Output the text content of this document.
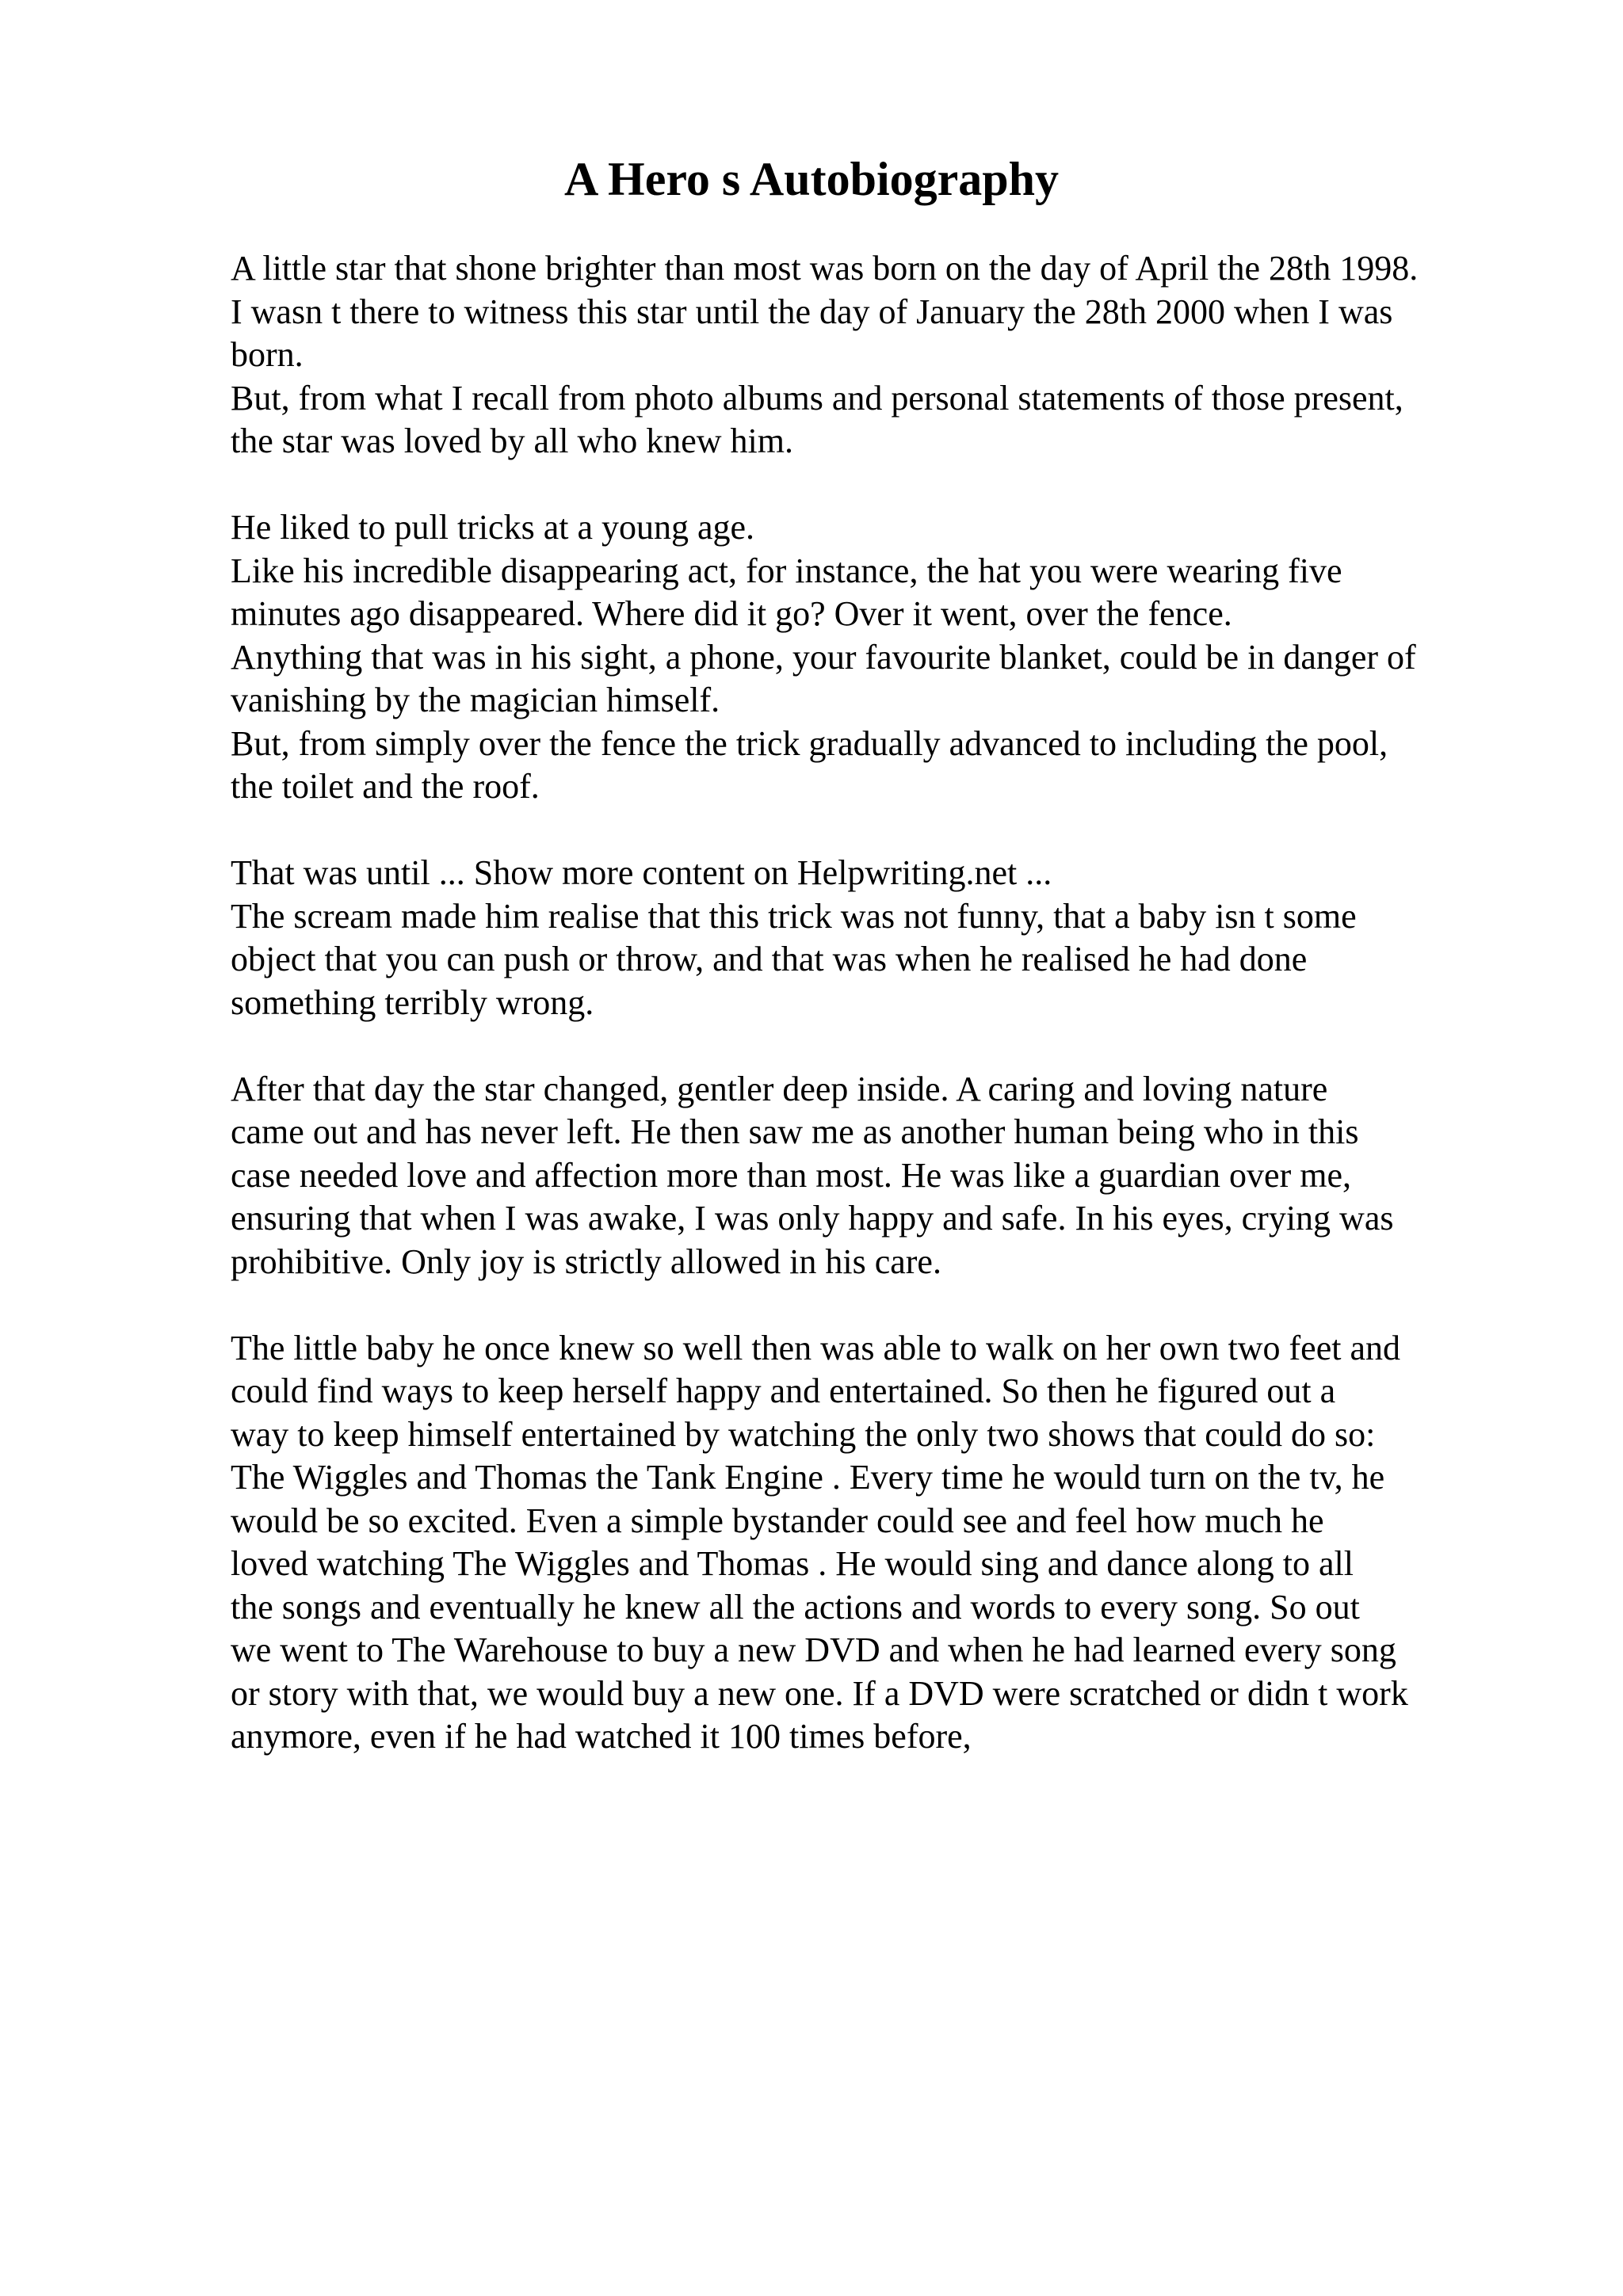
A Hero s Autobiography
A little star that shone brighter than most was born on the day of April the 28th 1998.
I wasn t there to witness this star until the day of January the 28th 2000 when I was
born.
But, from what I recall from photo albums and personal statements of those present,
the star was loved by all who knew him.
He liked to pull tricks at a young age.
Like his incredible disappearing act, for instance, the hat you were wearing five
minutes ago disappeared. Where did it go? Over it went, over the fence.
Anything that was in his sight, a phone, your favourite blanket, could be in danger of
vanishing by the magician himself.
But, from simply over the fence the trick gradually advanced to including the pool,
the toilet and the roof.
That was until ... Show more content on Helpwriting.net ...
The scream made him realise that this trick was not funny, that a baby isn t some
object that you can push or throw, and that was when he realised he had done
something terribly wrong.
After that day the star changed, gentler deep inside. A caring and loving nature
came out and has never left. He then saw me as another human being who in this
case needed love and affection more than most. He was like a guardian over me,
ensuring that when I was awake, I was only happy and safe. In his eyes, crying was
prohibitive. Only joy is strictly allowed in his care.
The little baby he once knew so well then was able to walk on her own two feet and
could find ways to keep herself happy and entertained. So then he figured out a
way to keep himself entertained by watching the only two shows that could do so:
The Wiggles and Thomas the Tank Engine . Every time he would turn on the tv, he
would be so excited. Even a simple bystander could see and feel how much he
loved watching The Wiggles and Thomas . He would sing and dance along to all
the songs and eventually he knew all the actions and words to every song. So out
we went to The Warehouse to buy a new DVD and when he had learned every song
or story with that, we would buy a new one. If a DVD were scratched or didn t work
anymore, even if he had watched it 100 times before,
